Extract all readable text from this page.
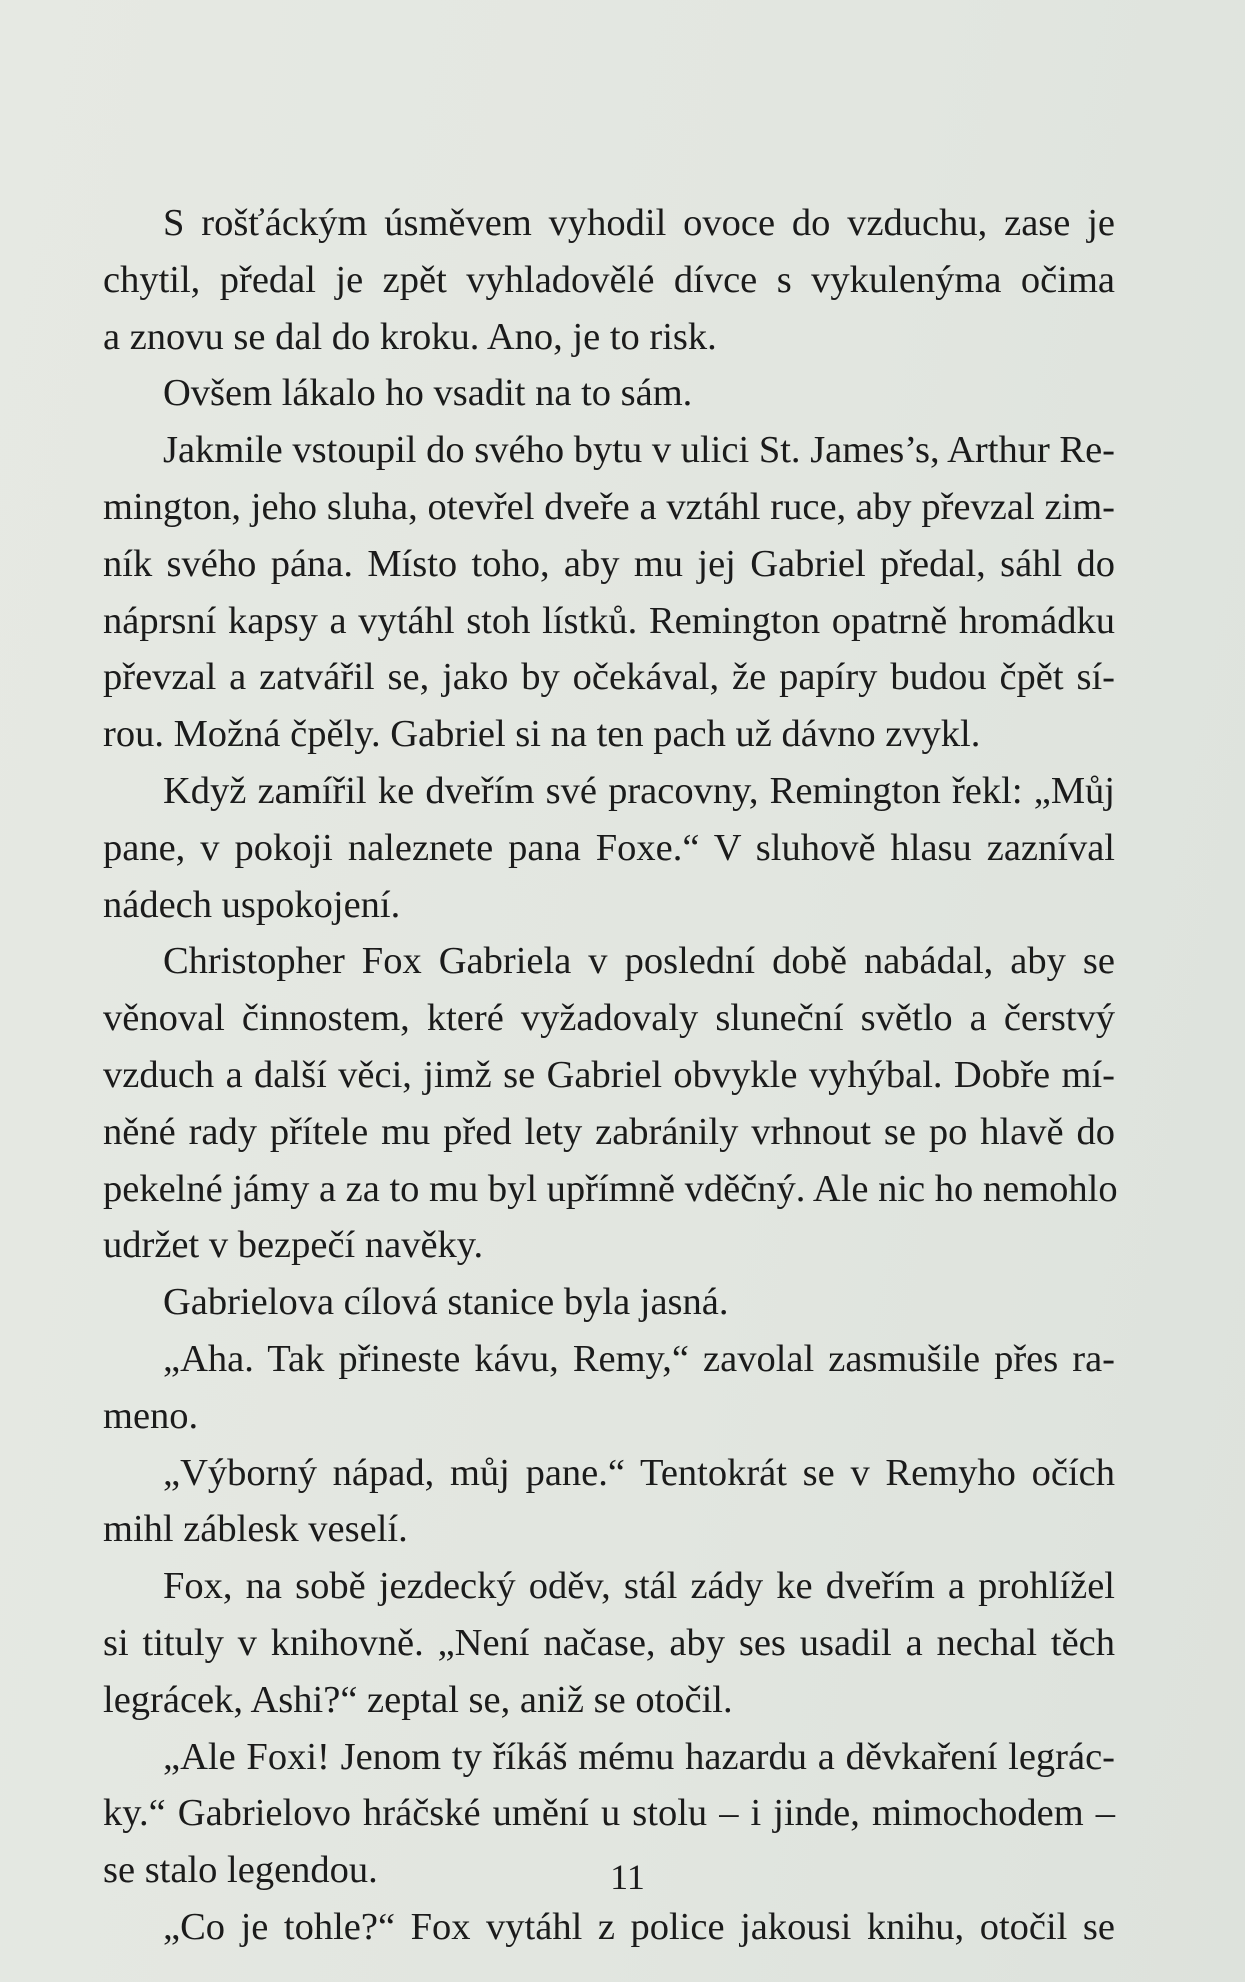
S rošťáckým úsměvem vyhodil ovoce do vzduchu, zase je
chytil, předal je zpět vyhladovělé dívce s vykulenýma očima
a znovu se dal do kroku. Ano, je to risk.
Ovšem lákalo ho vsadit na to sám.
Jakmile vstoupil do svého bytu v ulici St. James’s, Arthur Re-
mington, jeho sluha, otevřel dveře a vztáhl ruce, aby převzal zim-
ník svého pána. Místo toho, aby mu jej Gabriel předal, sáhl do
náprsní kapsy a vytáhl stoh lístků. Remington opatrně hromádku
převzal a zatvářil se, jako by očekával, že papíry budou čpět sí-
rou. Možná čpěly. Gabriel si na ten pach už dávno zvykl.
Když zamířil ke dveřím své pracovny, Remington řekl: „Můj
pane, v pokoji naleznete pana Foxe.“ V sluhově hlasu zazníval
nádech uspokojení.
Christopher Fox Gabriela v poslední době nabádal, aby se
věnoval činnostem, které vyžadovaly sluneční světlo a čerstvý
vzduch a další věci, jimž se Gabriel obvykle vyhýbal. Dobře mí-
něné rady přítele mu před lety zabránily vrhnout se po hlavě do
pekelné jámy a za to mu byl upřímně vděčný. Ale nic ho nemohlo
udržet v bezpečí navěky.
Gabrielova cílová stanice byla jasná.
„Aha. Tak přineste kávu, Remy,“ zavolal zasmušile přes ra-
meno.
„Výborný nápad, můj pane.“ Tentokrát se v Remyho očích
mihl záblesk veselí.
Fox, na sobě jezdecký oděv, stál zády ke dveřím a prohlížel
si tituly v knihovně. „Není načase, aby ses usadil a nechal těch
legrácek, Ashi?“ zeptal se, aniž se otočil.
„Ale Foxi! Jenom ty říkáš mému hazardu a děvkaření legrác-
ky.“ Gabrielovo hráčské umění u stolu – i jinde, mimochodem –
se stalo legendou.
„Co je tohle?“ Fox vytáhl z police jakousi knihu, otočil se
11
